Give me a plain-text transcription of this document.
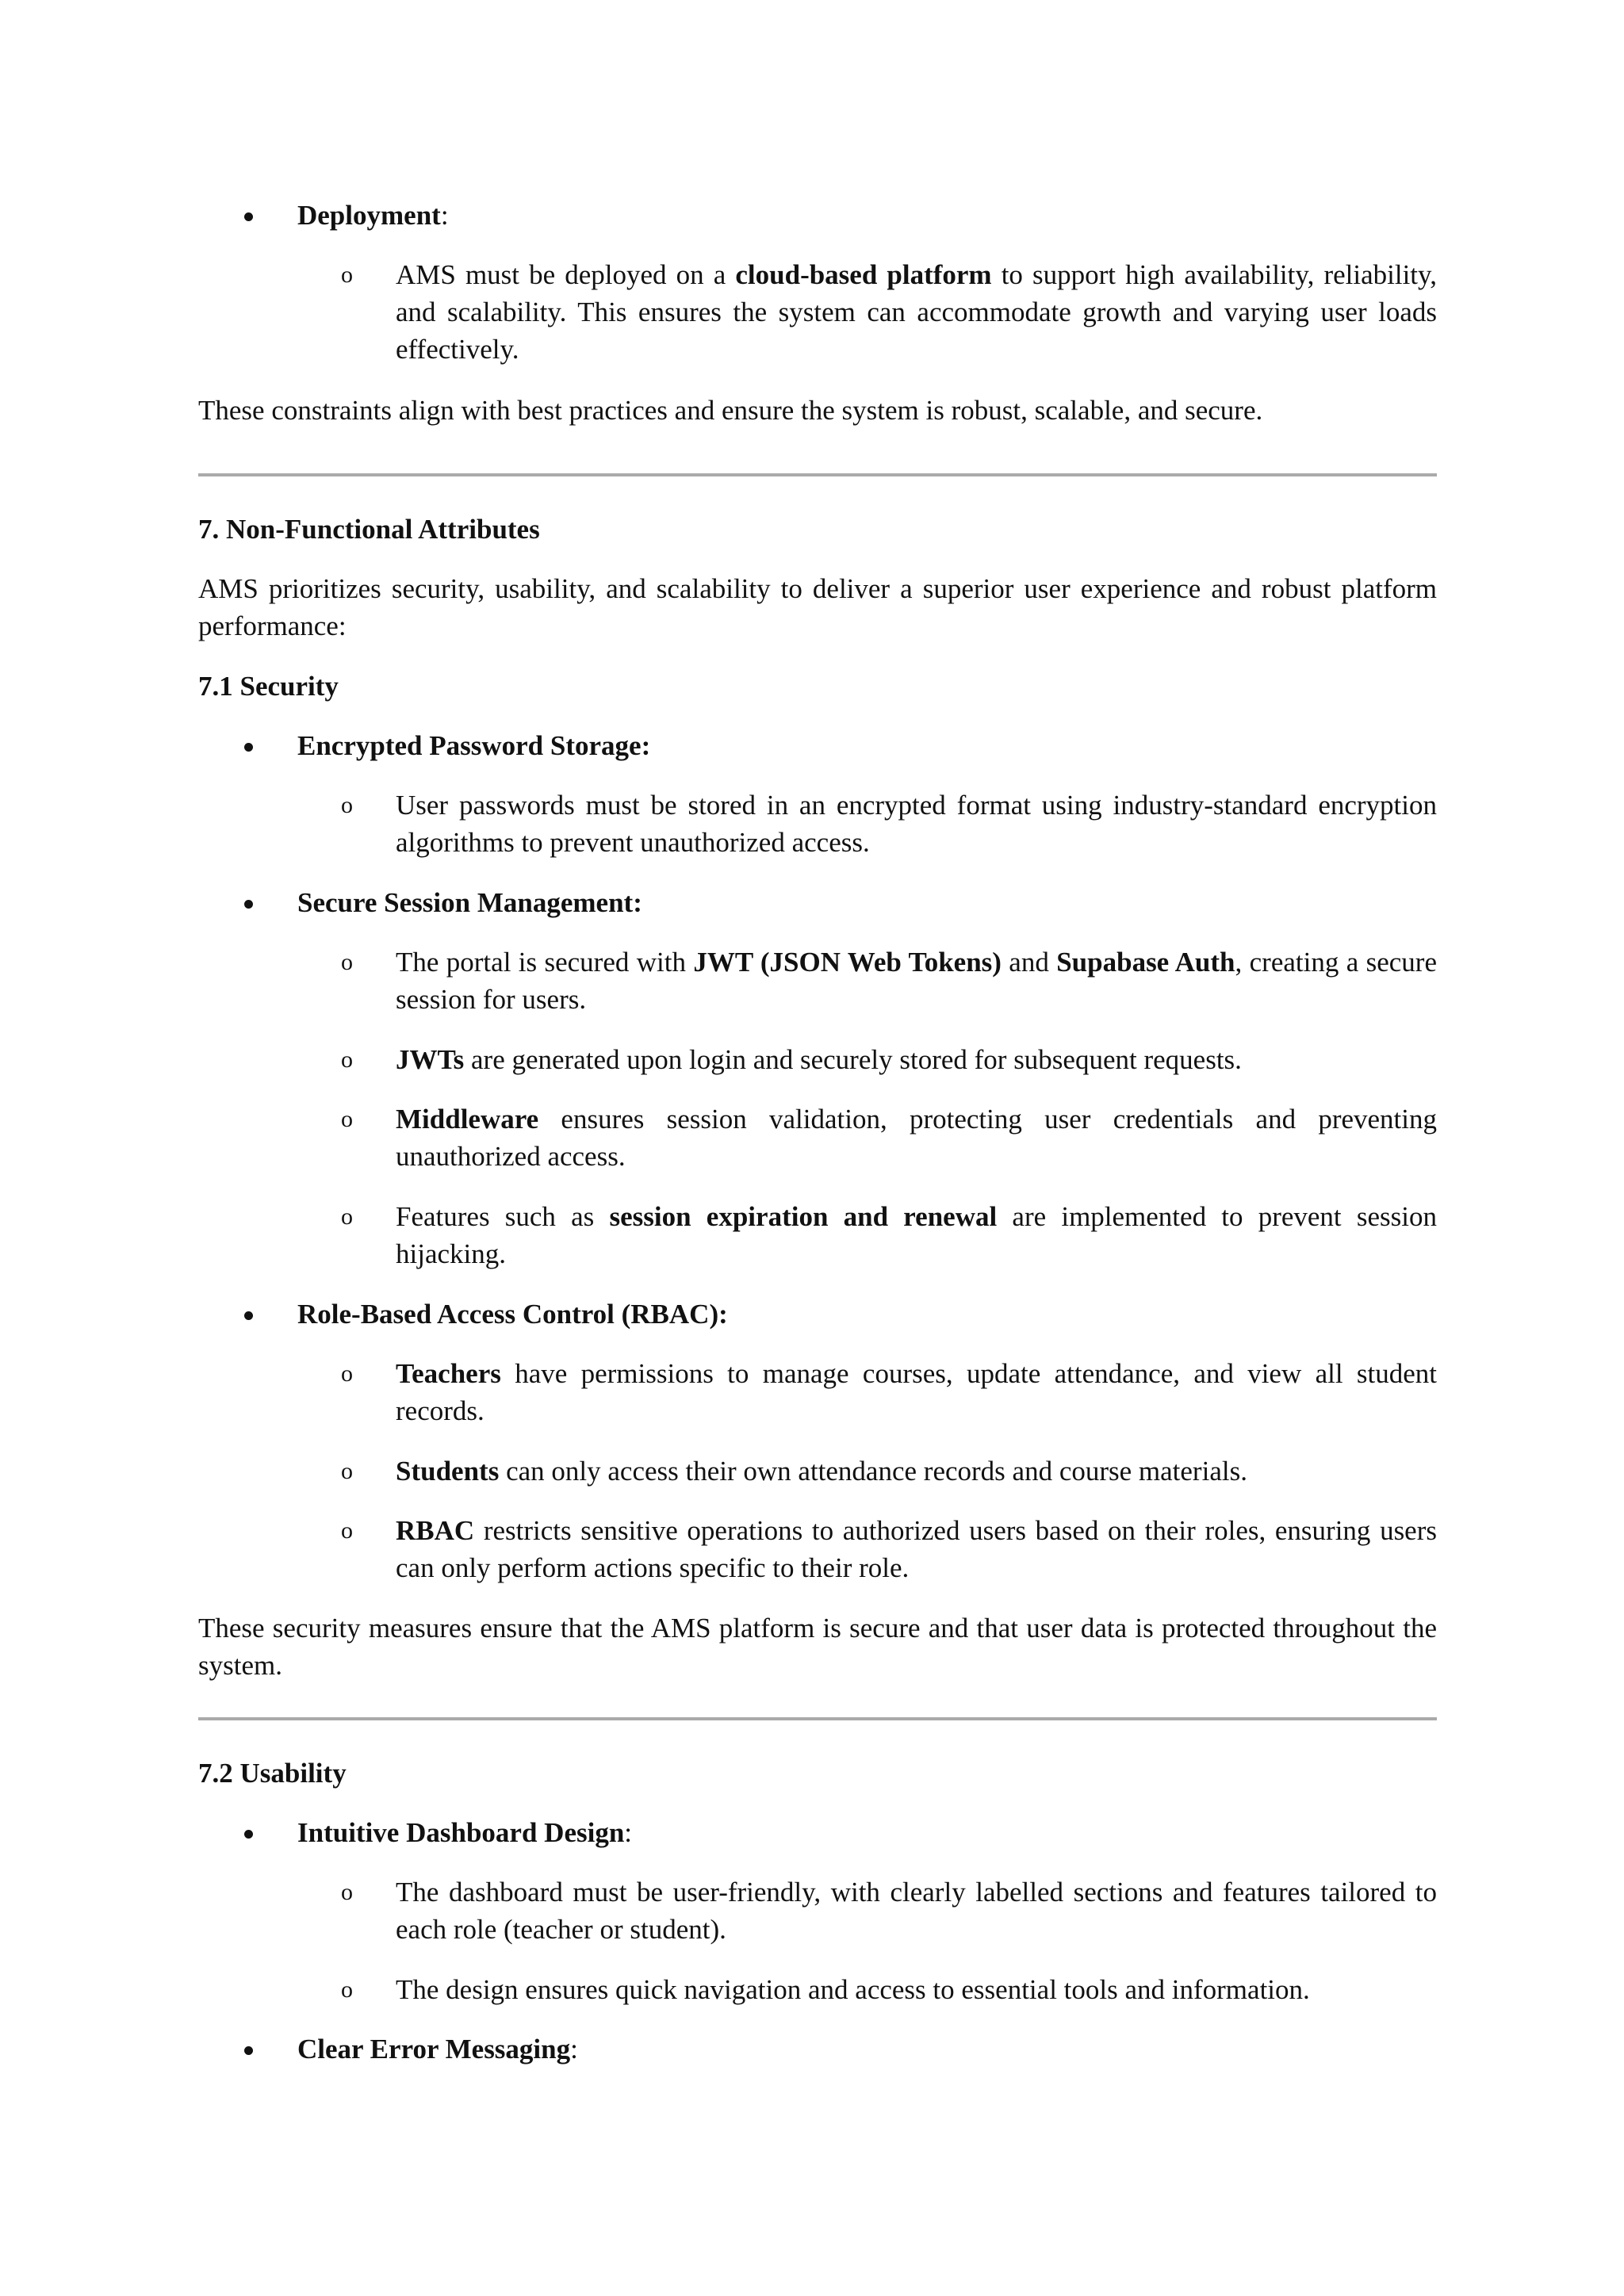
Deployment:
o	AMS must be deployed on a cloud-based platform to support high availability, reliability, and scalability. This ensures the system can accommodate growth and varying user loads effectively.

These constraints align with best practices and ensure the system is robust, scalable, and secure.

7. Non-Functional Attributes

AMS prioritizes security, usability, and scalability to deliver a superior user experience and robust platform performance:

7.1 Security

Encrypted Password Storage:
o	User passwords must be stored in an encrypted format using industry-standard encryption algorithms to prevent unauthorized access.
Secure Session Management:
o	The portal is secured with JWT (JSON Web Tokens) and Supabase Auth, creating a secure session for users.
o	JWTs are generated upon login and securely stored for subsequent requests.
o	Middleware ensures session validation, protecting user credentials and preventing unauthorized access.
o	Features such as session expiration and renewal are implemented to prevent session hijacking.
Role-Based Access Control (RBAC):
o	Teachers have permissions to manage courses, update attendance, and view all student records.
o	Students can only access their own attendance records and course materials.
o	RBAC restricts sensitive operations to authorized users based on their roles, ensuring users can only perform actions specific to their role.

These security measures ensure that the AMS platform is secure and that user data is protected throughout the system.

7.2 Usability

Intuitive Dashboard Design:
o	The dashboard must be user-friendly, with clearly labelled sections and features tailored to each role (teacher or student).
o	The design ensures quick navigation and access to essential tools and information.
Clear Error Messaging:
